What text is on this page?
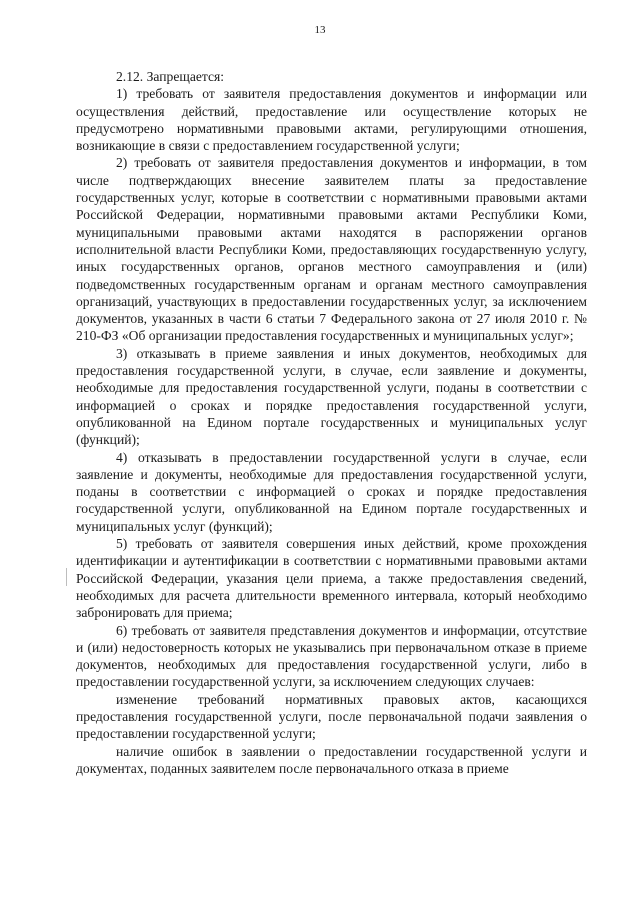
13

2.12. Запрещается:

1) требовать от заявителя предоставления документов и информации или осуществления действий, предоставление или осуществление которых не предусмотрено нормативными правовыми актами, регулирующими отношения, возникающие в связи с предоставлением государственной услуги;

2) требовать от заявителя предоставления документов и информации, в том числе подтверждающих внесение заявителем платы за предоставление государственных услуг, которые в соответствии с нормативными правовыми актами Российской Федерации, нормативными правовыми актами Республики Коми, муниципальными правовыми актами находятся в распоряжении органов исполнительной власти Республики Коми, предоставляющих государственную услугу, иных государственных органов, органов местного самоуправления и (или) подведомственных государственным органам и органам местного самоуправления организаций, участвующих в предоставлении государственных услуг, за исключением документов, указанных в части 6 статьи 7 Федерального закона от 27 июля 2010 г. № 210-ФЗ «Об организации предоставления государственных и муниципальных услуг»;

3) отказывать в приеме заявления и иных документов, необходимых для предоставления государственной услуги, в случае, если заявление и документы, необходимые для предоставления государственной услуги, поданы в соответствии с информацией о сроках и порядке предоставления государственной услуги, опубликованной на Едином портале государственных и муниципальных услуг (функций);

4) отказывать в предоставлении государственной услуги в случае, если заявление и документы, необходимые для предоставления государственной услуги, поданы в соответствии с информацией о сроках и порядке предоставления государственной услуги, опубликованной на Едином портале государственных и муниципальных услуг (функций);

5) требовать от заявителя совершения иных действий, кроме прохождения идентификации и аутентификации в соответствии с нормативными правовыми актами Российской Федерации, указания цели приема, а также предоставления сведений, необходимых для расчета длительности временного интервала, который необходимо забронировать для приема;

6) требовать от заявителя представления документов и информации, отсутствие и (или) недостоверность которых не указывались при первоначальном отказе в приеме документов, необходимых для предоставления государственной услуги, либо в предоставлении государственной услуги, за исключением следующих случаев:

изменение требований нормативных правовых актов, касающихся предоставления государственной услуги, после первоначальной подачи заявления о предоставлении государственной услуги;

наличие ошибок в заявлении о предоставлении государственной услуги и документах, поданных заявителем после первоначального отказа в приеме
